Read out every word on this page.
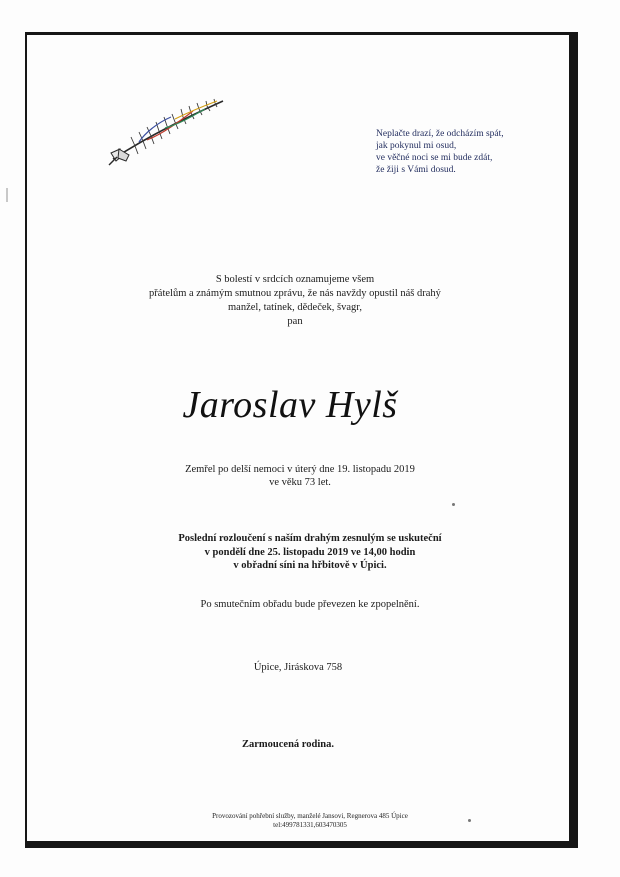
Neplačte drazí, že odcházím spát,
jak pokynul mi osud,
ve věčné noci se mi bude zdát,
že žiji s Vámi dosud.
S bolestí v srdcích oznamujeme všem
přátelům a známým smutnou zprávu, že nás navždy opustil náš drahý
manžel, tatínek, dědeček, švagr,
pan
Jaroslav Hylš
Zemřel po delší nemoci v úterý dne 19. listopadu 2019
ve věku 73 let.
Poslední rozloučení s naším drahým zesnulým se uskuteční
v pondělí dne 25. listopadu 2019 ve 14,00 hodin
v obřadní síni na hřbitově v Úpici.
Po smutečním obřadu bude převezen ke zpopelnění.
Úpice, Jiráskova 758
Zarmoucená rodina.
Provozování pohřební služby, manželé Jansovi, Regnerova 485 Úpice
tel:499781331,603470305
